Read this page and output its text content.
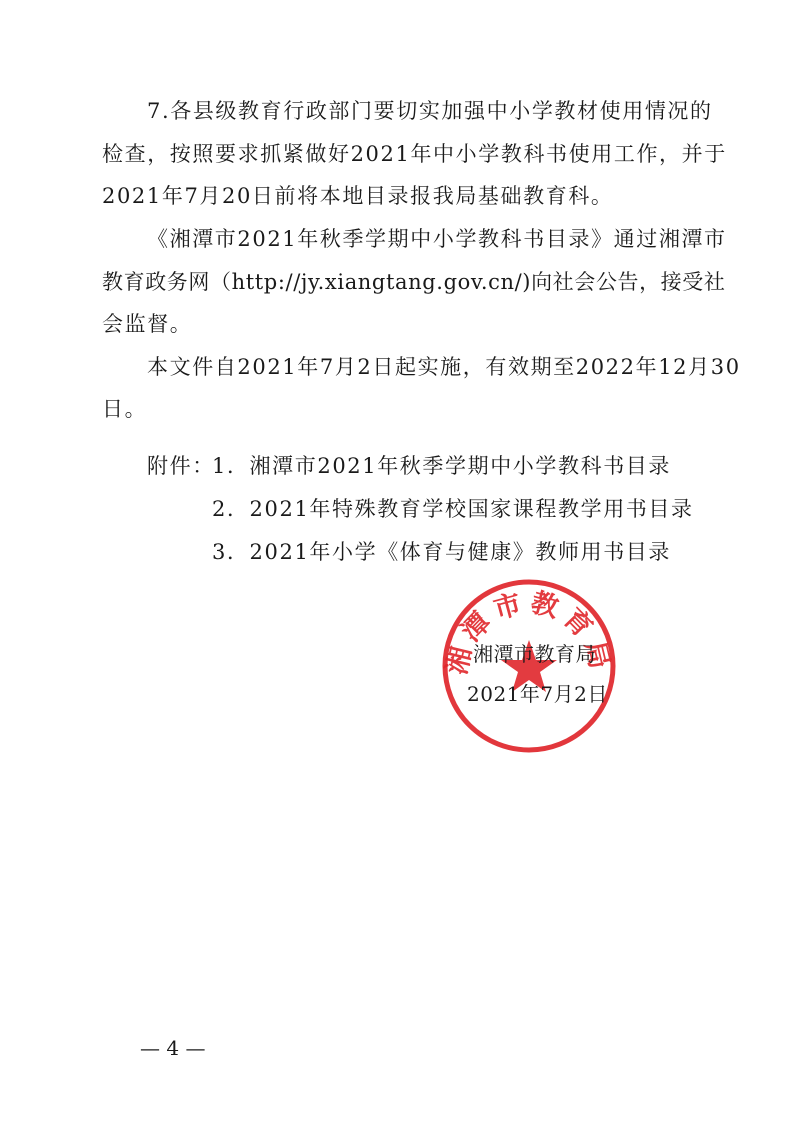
7.各县级教育行政部门要切实加强中小学教材使用情况的
检查，按照要求抓紧做好2021年中小学教科书使用工作，并于
2021年7月20日前将本地目录报我局基础教育科。
《湘潭市2021年秋季学期中小学教科书目录》通过湘潭市
教育政务网（http://jy.xiangtang.gov.cn/)向社会公告，接受社
会监督。
本文件自2021年7月2日起实施，有效期至2022年12月30
日。
附件：
1．湘潭市2021年秋季学期中小学教科书目录
2．2021年特殊教育学校国家课程教学用书目录
3．2021年小学《体育与健康》教师用书目录
湘潭市教育局
湘潭市教育局
2021年7月2日
— 4 —
